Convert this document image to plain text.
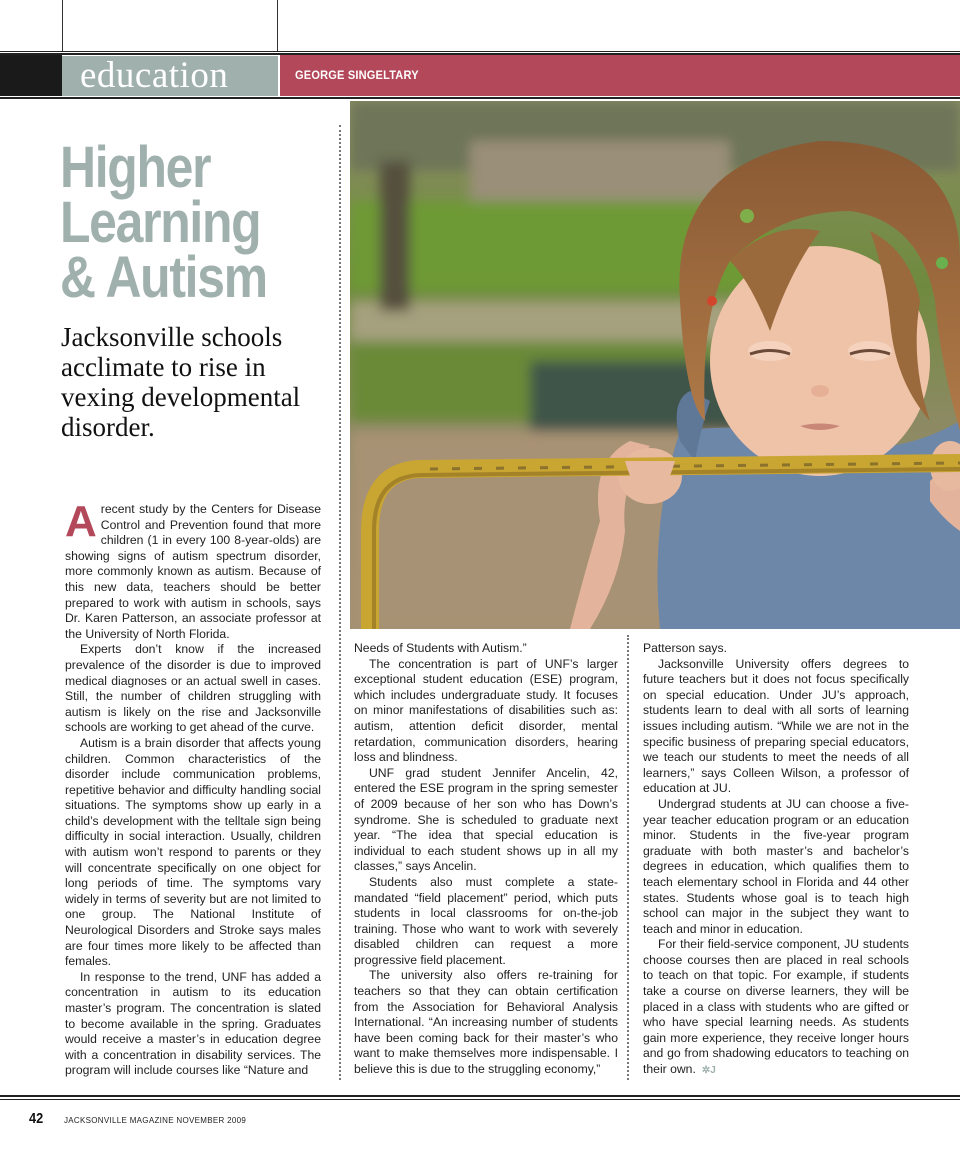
education	GEORGE SINGELTARY
Higher
Learning
& Autism
Jacksonville schools acclimate to rise in vexing developmental disorder.

A recent study by the Centers for Disease Control and Prevention found that more children (1 in every 100 8-year-olds) are showing signs of autism spectrum disorder, more commonly known as autism. Because of this new data, teachers should be better prepared to work with autism in schools, says Dr. Karen Patterson, an associate professor at the University of North Florida.

Experts don’t know if the increased prevalence of the disorder is due to improved medical diagnoses or an actual swell in cases. Still, the number of children struggling with autism is likely on the rise and Jacksonville schools are working to get ahead of the curve.

Autism is a brain disorder that affects young children. Common characteristics of the disorder include communication problems, repetitive behavior and difficulty handling social situations. The symptoms show up early in a child’s development with the telltale sign being difficulty in social interaction. Usually, children with autism won’t respond to parents or they will concentrate specifically on one object for long periods of time. The symptoms vary widely in terms of severity but are not limited to one group. The National Institute of Neurological Disorders and Stroke says males are four times more likely to be affected than females.

In response to the trend, UNF has added a concentration in autism to its education master’s program. The concentration is slated to become available in the spring. Graduates would receive a master’s in education degree with a concentration in disability services. The program will include courses like “Nature and

Needs of Students with Autism.”

The concentration is part of UNF’s larger exceptional student education (ESE) program, which includes undergraduate study. It focuses on minor manifestations of disabilities such as: autism, attention deficit disorder, mental retardation, communication disorders, hearing loss and blindness.

UNF grad student Jennifer Ancelin, 42, entered the ESE program in the spring semester of 2009 because of her son who has Down’s syndrome. She is scheduled to graduate next year. “The idea that special education is individual to each student shows up in all my classes,” says Ancelin.

Students also must complete a state-mandated “field placement” period, which puts students in local classrooms for on-the-job training. Those who want to work with severely disabled children can request a more progressive field placement.

The university also offers re-training for teachers so that they can obtain certification from the Association for Behavioral Analysis International. “An increasing number of students have been coming back for their master’s who want to make themselves more indispensable. I believe this is due to the struggling economy,”

Patterson says.

Jacksonville University offers degrees to future teachers but it does not focus specifically on special education. Under JU’s approach, students learn to deal with all sorts of learning issues including autism. “While we are not in the specific business of preparing special educators, we teach our students to meet the needs of all learners,” says Colleen Wilson, a professor of education at JU.

Undergrad students at JU can choose a five-year teacher education program or an education minor. Students in the five-year program graduate with both master’s and bachelor’s degrees in education, which qualifies them to teach elementary school in Florida and 44 other states. Students whose goal is to teach high school can major in the subject they want to teach and minor in education.

For their field-service component, JU students choose courses then are placed in real schools to teach on that topic. For example, if students take a course on diverse learners, they will be placed in a class with students who are gifted or who have special learning needs. As students gain more experience, they receive longer hours and go from shadowing educators to teaching on their own. ✲J

42	JACKSONVILLE MAGAZINE NOVEMBER 2009
